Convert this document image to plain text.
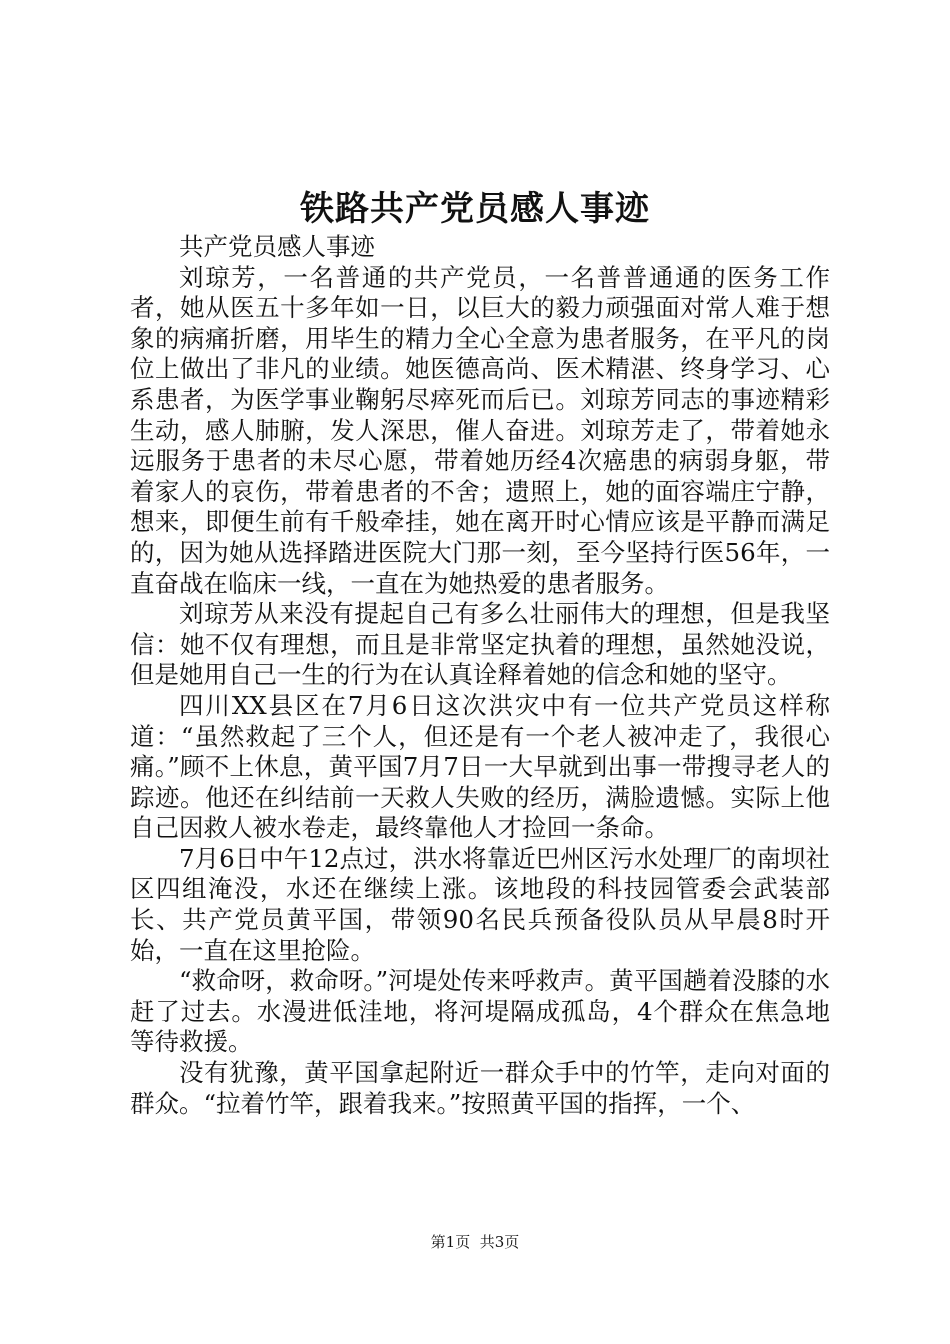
铁路共产党员感人事迹

共产党员感人事迹

刘琼芳，一名普通的共产党员，一名普普通通的医务工作者，她从医五十多年如一日，以巨大的毅力顽强面对常人难于想象的病痛折磨，用毕生的精力全心全意为患者服务，在平凡的岗位上做出了非凡的业绩。她医德高尚、医术精湛、终身学习、心系患者，为医学事业鞠躬尽瘁死而后已。刘琼芳同志的事迹精彩生动，感人肺腑，发人深思，催人奋进。刘琼芳走了，带着她永远服务于患者的未尽心愿，带着她历经4次癌患的病弱身躯，带着家人的哀伤，带着患者的不舍；遗照上，她的面容端庄宁静，想来，即便生前有千般牵挂，她在离开时心情应该是平静而满足的，因为她从选择踏进医院大门那一刻，至今坚持行医56年，一直奋战在临床一线，一直在为她热爱的患者服务。

刘琼芳从来没有提起自己有多么壮丽伟大的理想，但是我坚信：她不仅有理想，而且是非常坚定执着的理想，虽然她没说，但是她用自己一生的行为在认真诠释着她的信念和她的坚守。

四川XX县区在7月6日这次洪灾中有一位共产党员这样称道：“虽然救起了三个人，但还是有一个老人被冲走了，我很心痛。”顾不上休息，黄平国7月7日一大早就到出事一带搜寻老人的踪迹。他还在纠结前一天救人失败的经历，满脸遗憾。实际上他自己因救人被水卷走，最终靠他人才捡回一条命。

7月6日中午12点过，洪水将靠近巴州区污水处理厂的南坝社区四组淹没，水还在继续上涨。该地段的科技园管委会武装部长、共产党员黄平国，带领90名民兵预备役队员从早晨8时开始，一直在这里抢险。

“救命呀，救命呀。”河堤处传来呼救声。黄平国趟着没膝的水赶了过去。水漫进低洼地，将河堤隔成孤岛，4个群众在焦急地等待救援。

没有犹豫，黄平国拿起附近一群众手中的竹竿，走向对面的群众。“拉着竹竿，跟着我来。”按照黄平国的指挥，一个、

第1页 共3页
